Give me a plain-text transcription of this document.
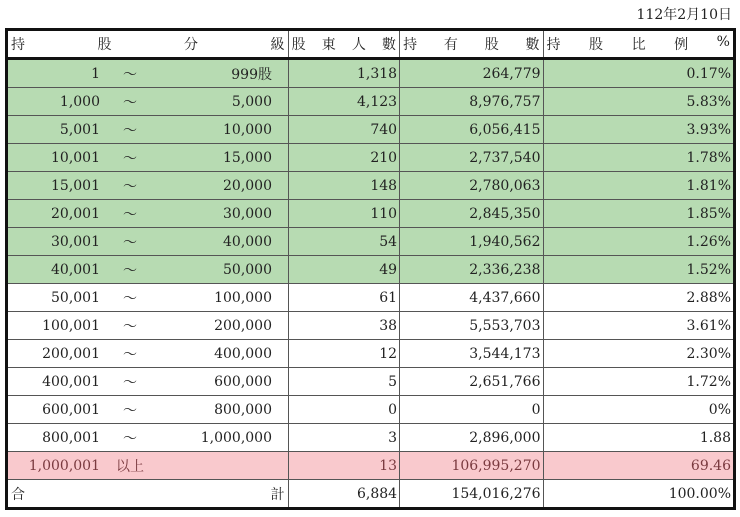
112年2月10日
持 股 分 級	股 東 人 數	持 有 股 數	持 股 比 例 %

1 ～ 999股	1,318	264,779	0.17%

1,000 ～ 5,000	4,123	8,976,757	5.83%

5,001 ～ 10,000	740	6,056,415	3.93%

10,001 ～ 15,000	210	2,737,540	1.78%

15,001 ～ 20,000	148	2,780,063	1.81%

20,001 ～ 30,000	110	2,845,350	1.85%

30,001 ～ 40,000	54	1,940,562	1.26%

40,001 ～ 50,000	49	2,336,238	1.52%

50,001 ～ 100,000	61	4,437,660	2.88%

100,001 ～ 200,000	38	5,553,703	3.61%

200,001 ～ 400,000	12	3,544,173	2.30%

400,001 ～ 600,000	5	2,651,766	1.72%

600,001 ～ 800,000	0	0	0%

800,001 ～ 1,000,000	3	2,896,000	1.88

1,000,001 以上	13	106,995,270	69.46

合 計	6,884	154,016,276	100.00%
